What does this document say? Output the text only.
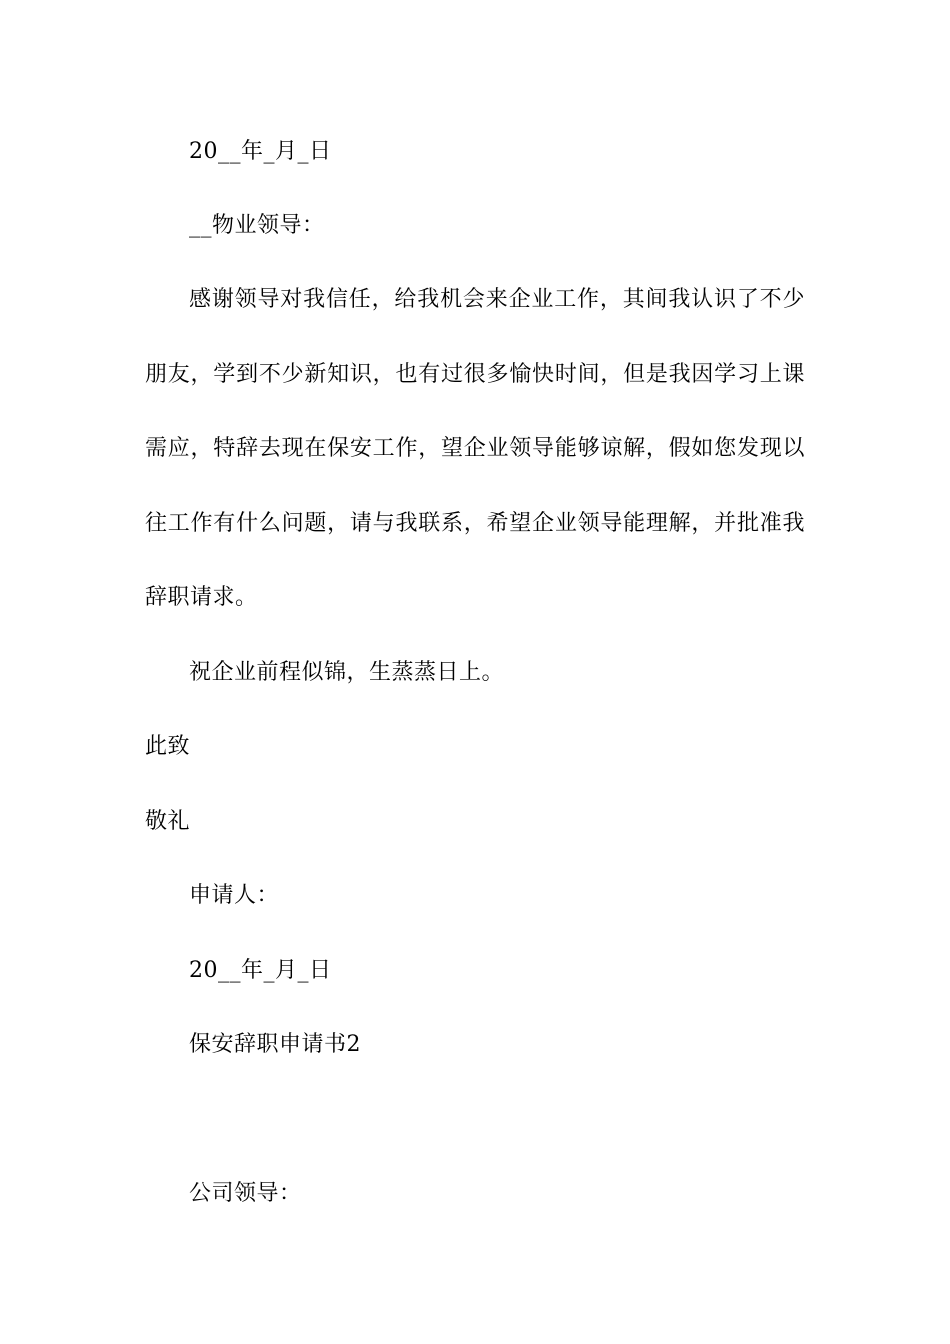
20__年_月_日
__物业领导：
感谢领导对我信任，给我机会来企业工作，其间我认识了不少
朋友，学到不少新知识，也有过很多愉快时间，但是我因学习上课
需应，特辞去现在保安工作，望企业领导能够谅解，假如您发现以
往工作有什么问题，请与我联系，希望企业领导能理解，并批准我
辞职请求。
祝企业前程似锦，生蒸蒸日上。
此致
敬礼
申请人：
20__年_月_日
保安辞职申请书2
公司领导：
